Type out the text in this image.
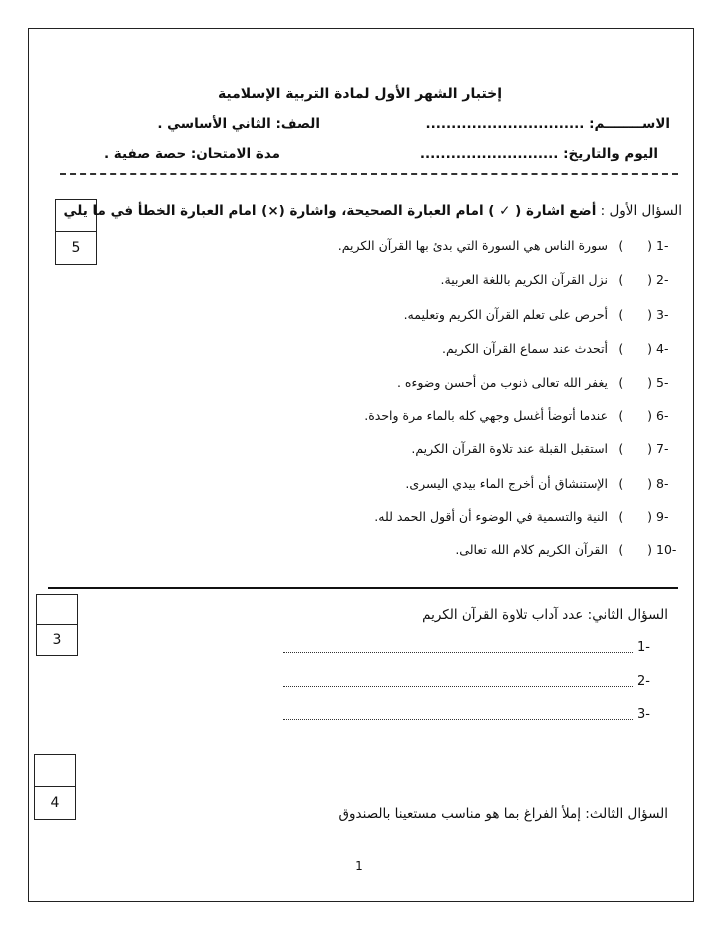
إختبار الشهر الأول لمادة التربية الإسلامية
الاســــــــم: ...............................
الصف: الثاني الأساسي .
اليوم والتاريخ: ...........................
مدة الامتحان: حصة صفية .
5
السؤال الأول : أضع اشارة ( ✓ ) امام العبارة الصحيحة، واشارة (×) امام العبارة الخطأ في ما يلي
-1 (      ) سورة الناس هي السورة التي بدئ بها القرآن الكريم.
-2 (      ) نزل القرآن الكريم باللغة العربية.
-3 (      ) أحرص على تعلم القرآن الكريم وتعليمه.
-4 (      ) أتحدث عند سماع القرآن الكريم.
-5 (      ) يغفر الله تعالى ذنوب من أحسن وضوءه .
-6 (      ) عندما أتوضأ أغسل وجهي كله بالماء مرة واحدة.
-7 (      ) استقبل القبلة عند تلاوة القرآن الكريم.
-8 (      ) الإستنشاق أن أخرج الماء بيدي اليسرى.
-9 (      ) النية والتسمية في الوضوء أن أقول الحمد لله.
-10 (      ) القرآن الكريم كلام الله تعالى.
3
السؤال الثاني: عدد آداب تلاوة القرآن الكريم
-1
-2
-3
4
السؤال الثالث: إملأ الفراغ بما هو مناسب مستعينا بالصندوق
1
